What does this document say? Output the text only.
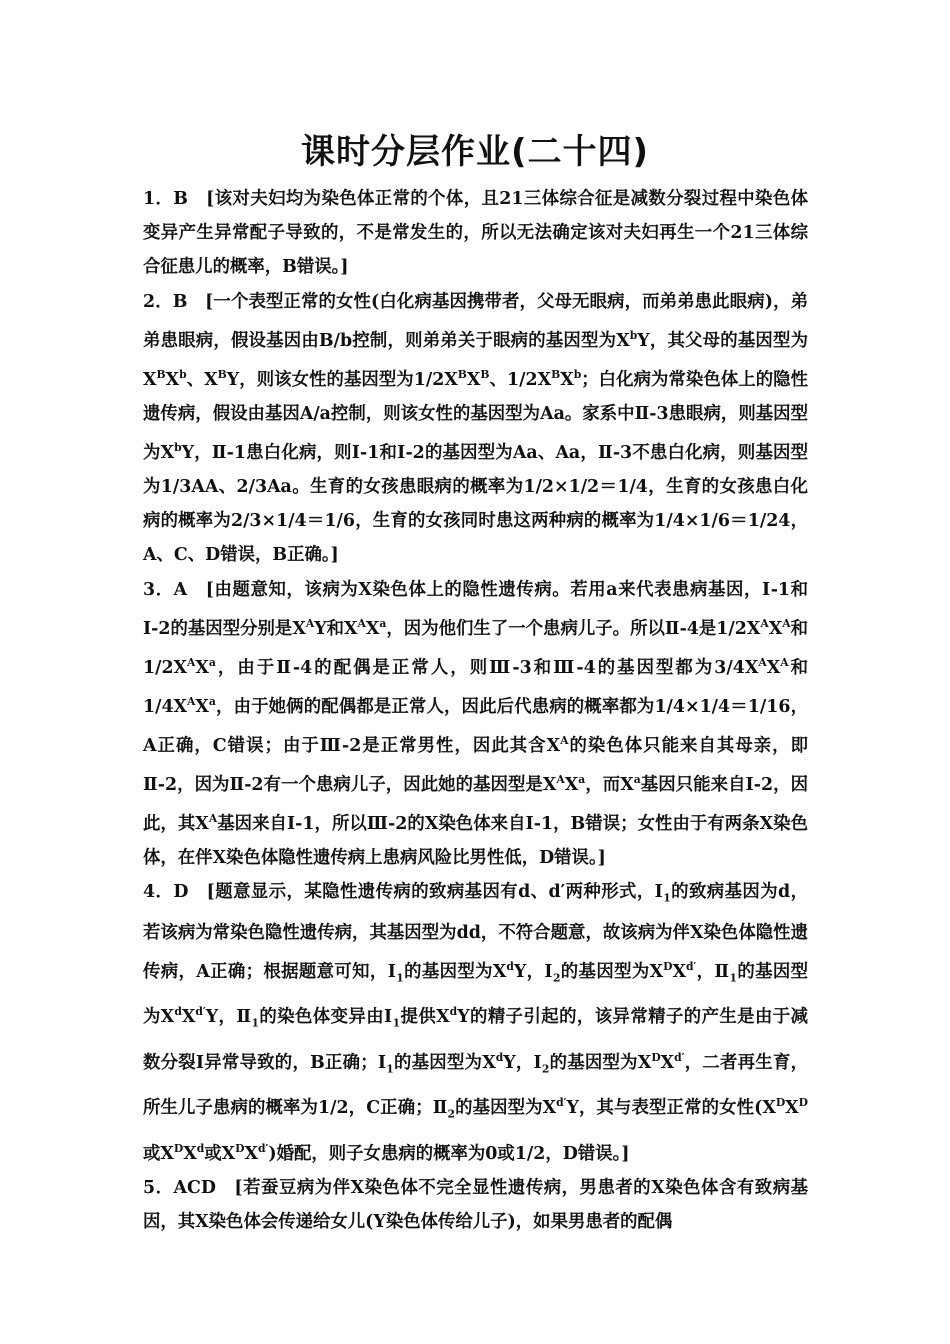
课时分层作业(二十四)

1．B　[该对夫妇均为染色体正常的个体，且21三体综合征是减数分裂过程中染色体变异产生异常配子导致的，不是常发生的，所以无法确定该对夫妇再生一个21三体综合征患儿的概率，B错误。]

2．B　[一个表型正常的女性(白化病基因携带者，父母无眼病，而弟弟患此眼病)，弟弟患眼病，假设基因由B/b控制，则弟弟关于眼病的基因型为$X^bY$，其父母的基因型为$X^BX^b$、$X^BY$，则该女性的基因型为$1/2X^BX^B$、$1/2X^BX^b$；白化病为常染色体上的隐性遗传病，假设由基因A/a控制，则该女性的基因型为Aa。家系中Ⅱ-3患眼病，则基因型为$X^bY$，Ⅱ-1患白化病，则Ⅰ-1和Ⅰ-2的基因型为Aa、Aa，Ⅱ-3不患白化病，则基因型为1/3AA、2/3Aa。生育的女孩患眼病的概率为1/2×1/2＝1/4，生育的女孩患白化病的概率为2/3×1/4＝1/6，生育的女孩同时患这两种病的概率为1/4×1/6＝1/24，A、C、D错误，B正确。]

3．A　[由题意知，该病为X染色体上的隐性遗传病。若用a来代表患病基因，Ⅰ-1和Ⅰ-2的基因型分别是$X^AY$和$X^AX^a$，因为他们生了一个患病儿子。所以Ⅱ-4是$1/2X^AX^A$和$1/2X^AX^a$，由于Ⅱ-4的配偶是正常人，则Ⅲ-3和Ⅲ-4的基因型都为$3/4X^AX^A$和$1/4X^AX^a$，由于她俩的配偶都是正常人，因此后代患病的概率都为1/4×1/4＝1/16，A正确，C错误；由于Ⅲ-2是正常男性，因此其含$X^A$的染色体只能来自其母亲，即Ⅱ-2，因为Ⅱ-2有一个患病儿子，因此她的基因型是$X^AX^a$，而$X^a$基因只能来自Ⅰ-2，因此，其$X^A$基因来自Ⅰ-1，所以Ⅲ-2的X染色体来自Ⅰ-1，B错误；女性由于有两条X染色体，在伴X染色体隐性遗传病上患病风险比男性低，D错误。]

4．D　[题意显示，某隐性遗传病的致病基因有d、d′两种形式，$Ⅰ_1$的致病基因为d，若该病为常染色隐性遗传病，其基因型为dd，不符合题意，故该病为伴X染色体隐性遗传病，A正确；根据题意可知，$Ⅰ_1$的基因型为$X^dY$，$Ⅰ_2$的基因型为$X^DX^{d'}$，$Ⅱ_1$的基因型为$X^dX^{d'}Y$，$Ⅱ_1$的染色体变异由$Ⅰ_1$提供$X^dY$的精子引起的，该异常精子的产生是由于减数分裂Ⅰ异常导致的，B正确；$Ⅰ_1$的基因型为$X^dY$，$Ⅰ_2$的基因型为$X^DX^{d'}$，二者再生育，所生儿子患病的概率为1/2，C正确；$Ⅱ_2$的基因型为$X^{d'}Y$，其与表型正常的女性($X^DX^D$或$X^DX^d$或$X^DX^{d'}$)婚配，则子女患病的概率为0或1/2，D错误。]

5．ACD　[若蚕豆病为伴X染色体不完全显性遗传病，男患者的X染色体含有致病基因，其X染色体会传递给女儿(Y染色体传给儿子)，如果男患者的配偶
